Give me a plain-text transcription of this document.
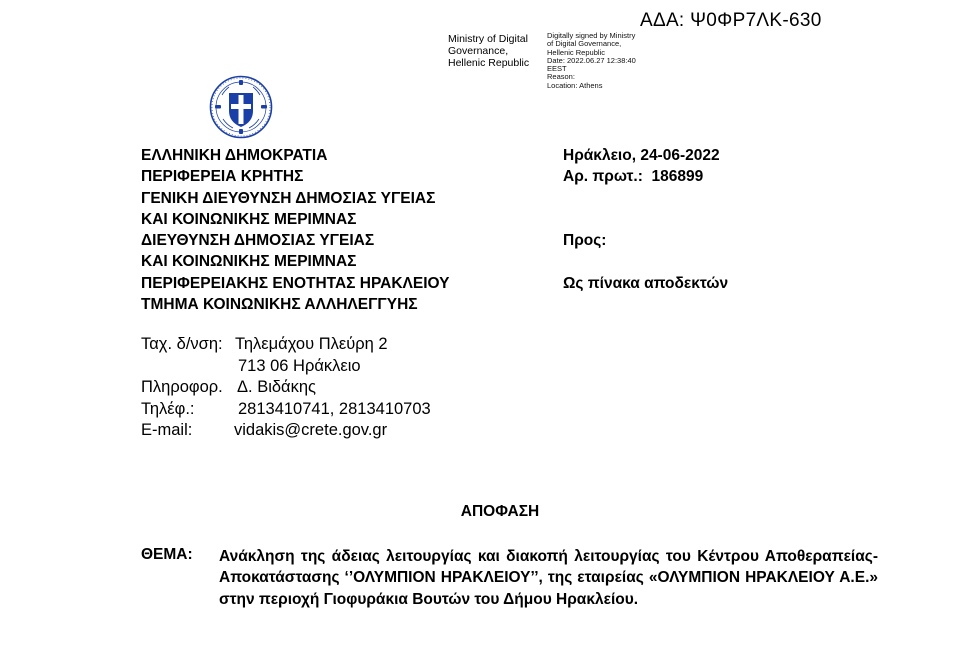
ΑΔΑ: Ψ0ΦΡ7ΛΚ-630
Ministry of Digital
Governance,
Hellenic Republic
Digitally signed by Ministry
of Digital Governance,
Hellenic Republic
Date: 2022.06.27 12:38:40
EEST
Reason:
Location: Athens
ΕΛΛΗΝΙΚΗ ΔΗΜΟΚΡΑΤΙΑ
ΠΕΡΙΦΕΡΕΙΑ ΚΡΗΤΗΣ
ΓΕΝΙΚΗ ΔΙΕΥΘΥΝΣΗ ΔΗΜΟΣΙΑΣ ΥΓΕΙΑΣ
ΚΑΙ ΚΟΙΝΩΝΙΚΗΣ ΜΕΡΙΜΝΑΣ
ΔΙΕΥΘΥΝΣΗ ΔΗΜΟΣΙΑΣ ΥΓΕΙΑΣ
ΚΑΙ ΚΟΙΝΩΝΙΚΗΣ ΜΕΡΙΜΝΑΣ
ΠΕΡΙΦΕΡΕΙΑΚΗΣ ΕΝΟΤΗΤΑΣ ΗΡΑΚΛΕΙΟΥ
ΤΜΗΜΑ ΚΟΙΝΩΝΙΚΗΣ ΑΛΛΗΛΕΓΓΥΗΣ
Ηράκλειο, 24-06-2022
Αρ. πρωτ.: 186899
Προς:
Ως πίνακα αποδεκτών
Ταχ. δ/νση: Τηλεμάχου Πλεύρη 2
713 06 Ηράκλειο
Πληροφορ. Δ. Βιδάκης
Τηλέφ.:	2813410741, 2813410703
E-mail:	vidakis@crete.gov.gr
ΑΠΟΦΑΣΗ
ΘΕΜΑ: Ανάκληση της άδειας λειτουργίας και διακοπή λειτουργίας του Κέντρου Αποθεραπείας-Αποκατάστασης ‘’ΟΛΥΜΠΙΟΝ ΗΡΑΚΛΕΙΟΥ’’, της εταιρείας «ΟΛΥΜΠΙΟΝ ΗΡΑΚΛΕΙΟΥ Α.Ε.» στην περιοχή Γιοφυράκια Βουτών του Δήμου Ηρακλείου.
